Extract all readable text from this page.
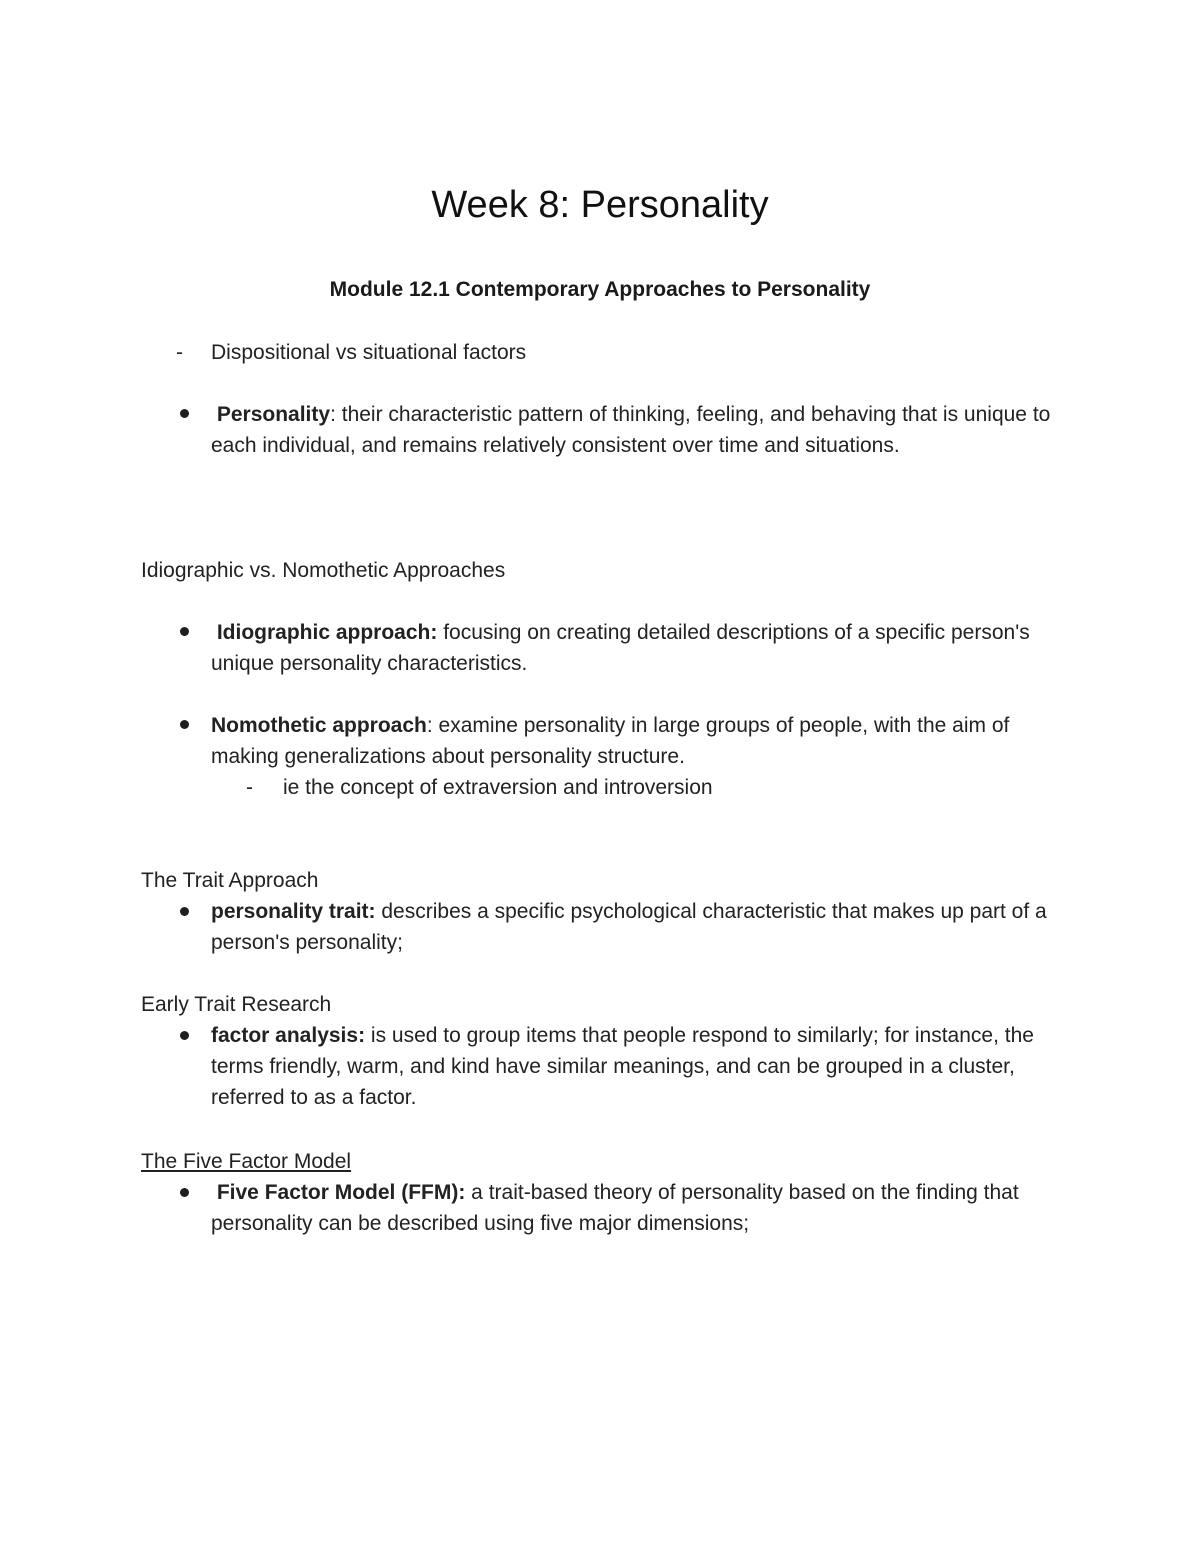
Week 8: Personality
Module 12.1 Contemporary Approaches to Personality
- Dispositional vs situational factors
Personality: their characteristic pattern of thinking, feeling, and behaving that is unique to each individual, and remains relatively consistent over time and situations.
Idiographic vs. Nomothetic Approaches
Idiographic approach: focusing on creating detailed descriptions of a specific person's unique personality characteristics.
Nomothetic approach: examine personality in large groups of people, with the aim of making generalizations about personality structure.
- ie the concept of extraversion and introversion
The Trait Approach
personality trait: describes a specific psychological characteristic that makes up part of a person's personality;
Early Trait Research
factor analysis: is used to group items that people respond to similarly; for instance, the terms friendly, warm, and kind have similar meanings, and can be grouped in a cluster, referred to as a factor.
The Five Factor Model
Five Factor Model (FFM): a trait-based theory of personality based on the finding that personality can be described using five major dimensions;
